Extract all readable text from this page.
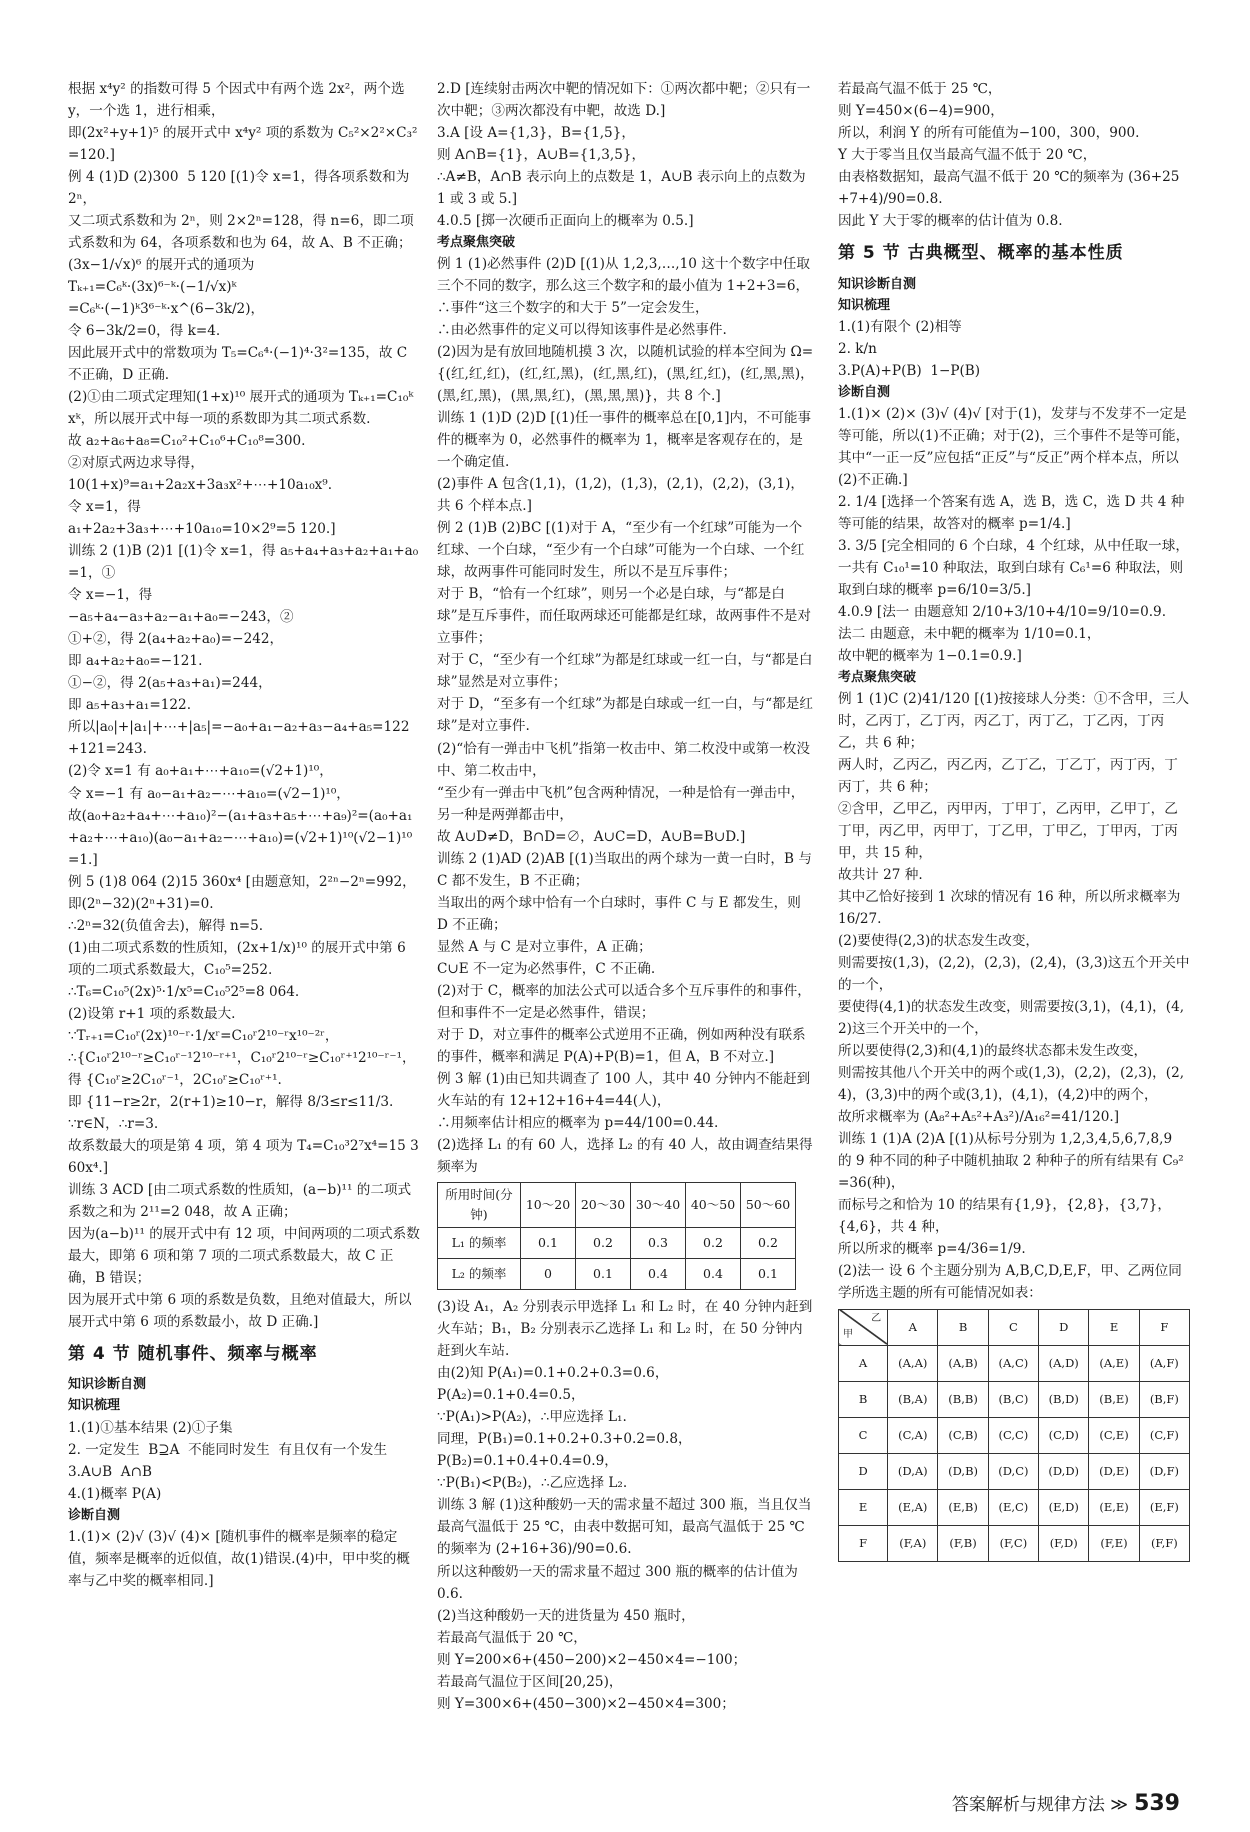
根据 x⁴y² 的指数可得 5 个因式中有两个选 2x²，两个选 y，一个选 1，进行相乘，

即(2x²+y+1)⁵ 的展开式中 x⁴y² 项的系数为 C₅²×2²×C₃²=120.]

例 4 (1)D (2)300  5 120 [(1)令 x=1，得各项系数和为 2ⁿ，

又二项式系数和为 2ⁿ，则 2×2ⁿ=128，得 n=6，即二项式系数和为 64，各项系数和也为 64，故 A、B 不正确；

(3x−1/√x)⁶ 的展开式的通项为

Tₖ₊₁=C₆ᵏ·(3x)⁶⁻ᵏ·(−1/√x)ᵏ

=C₆ᵏ·(−1)ᵏ3⁶⁻ᵏ·x^(6−3k/2)，

令 6−3k/2=0，得 k=4.

因此展开式中的常数项为 T₅=C₆⁴·(−1)⁴·3²=135，故 C 不正确，D 正确.

(2)①由二项式定理知(1+x)¹⁰ 展开式的通项为 Tₖ₊₁=C₁₀ᵏxᵏ，所以展开式中每一项的系数即为其二项式系数.

故 a₂+a₆+a₈=C₁₀²+C₁₀⁶+C₁₀⁸=300.

②对原式两边求导得，

10(1+x)⁹=a₁+2a₂x+3a₃x²+⋯+10a₁₀x⁹.

令 x=1，得

a₁+2a₂+3a₃+⋯+10a₁₀=10×2⁹=5 120.]

训练 2 (1)B (2)1 [(1)令 x=1，得 a₅+a₄+a₃+a₂+a₁+a₀=1，①

令 x=−1，得

−a₅+a₄−a₃+a₂−a₁+a₀=−243，②

①+②，得 2(a₄+a₂+a₀)=−242，

即 a₄+a₂+a₀=−121.

①−②，得 2(a₅+a₃+a₁)=244，

即 a₅+a₃+a₁=122.

所以|a₀|+|a₁|+⋯+|a₅|=−a₀+a₁−a₂+a₃−a₄+a₅=122+121=243.

(2)令 x=1 有 a₀+a₁+⋯+a₁₀=(√2+1)¹⁰，

令 x=−1 有 a₀−a₁+a₂−⋯+a₁₀=(√2−1)¹⁰，

故(a₀+a₂+a₄+⋯+a₁₀)²−(a₁+a₃+a₅+⋯+a₉)²=(a₀+a₁+a₂+⋯+a₁₀)(a₀−a₁+a₂−⋯+a₁₀)=(√2+1)¹⁰(√2−1)¹⁰=1.]

例 5 (1)8 064 (2)15 360x⁴ [由题意知，2²ⁿ−2ⁿ=992，即(2ⁿ−32)(2ⁿ+31)=0.

∴2ⁿ=32(负值舍去)，解得 n=5.

(1)由二项式系数的性质知，(2x+1/x)¹⁰ 的展开式中第 6 项的二项式系数最大，C₁₀⁵=252.

∴T₆=C₁₀⁵(2x)⁵·1/x⁵=C₁₀⁵2⁵=8 064.

(2)设第 r+1 项的系数最大.

∵Tᵣ₊₁=C₁₀ʳ(2x)¹⁰⁻ʳ·1/xʳ=C₁₀ʳ2¹⁰⁻ʳx¹⁰⁻²ʳ，

∴{C₁₀ʳ2¹⁰⁻ʳ≥C₁₀ʳ⁻¹2¹⁰⁻ʳ⁺¹，C₁₀ʳ2¹⁰⁻ʳ≥C₁₀ʳ⁺¹2¹⁰⁻ʳ⁻¹，得 {C₁₀ʳ≥2C₁₀ʳ⁻¹，2C₁₀ʳ≥C₁₀ʳ⁺¹.

即 {11−r≥2r，2(r+1)≥10−r，解得 8/3≤r≤11/3.

∵r∈N，∴r=3.

故系数最大的项是第 4 项，第 4 项为 T₄=C₁₀³2⁷x⁴=15 360x⁴.]

训练 3 ACD [由二项式系数的性质知，(a−b)¹¹ 的二项式系数之和为 2¹¹=2 048，故 A 正确；

因为(a−b)¹¹ 的展开式中有 12 项，中间两项的二项式系数最大，即第 6 项和第 7 项的二项式系数最大，故 C 正确，B 错误；

因为展开式中第 6 项的系数是负数，且绝对值最大，所以展开式中第 6 项的系数最小，故 D 正确.]

第 4 节 随机事件、频率与概率

知识诊断自测

知识梳理

1.(1)①基本结果 (2)①子集

2. 一定发生  B⊇A  不能同时发生  有且仅有一个发生

3.A∪B  A∩B

4.(1)概率 P(A)

诊断自测

1.(1)× (2)√ (3)√ (4)× [随机事件的概率是频率的稳定值，频率是概率的近似值，故(1)错误.(4)中，甲中奖的概率与乙中奖的概率相同.]

2.D [连续射击两次中靶的情况如下：①两次都中靶；②只有一次中靶；③两次都没有中靶，故选 D.]

3.A [设 A={1,3}，B={1,5}，

则 A∩B={1}，A∪B={1,3,5}，

∴A≠B，A∩B 表示向上的点数是 1，A∪B 表示向上的点数为 1 或 3 或 5.]

4.0.5 [掷一次硬币正面向上的概率为 0.5.]

考点聚焦突破

例 1 (1)必然事件 (2)D [(1)从 1,2,3,…,10 这十个数字中任取三个不同的数字，那么这三个数字和的最小值为 1+2+3=6，

∴事件“这三个数字的和大于 5”一定会发生，

∴由必然事件的定义可以得知该事件是必然事件.

(2)因为是有放回地随机摸 3 次，以随机试验的样本空间为 Ω={(红,红,红)，(红,红,黑)，(红,黑,红)，(黑,红,红)，(红,黑,黑)，(黑,红,黑)，(黑,黑,红)，(黑,黑,黑)}，共 8 个.]

训练 1 (1)D (2)D [(1)任一事件的概率总在[0,1]内，不可能事件的概率为 0，必然事件的概率为 1，概率是客观存在的，是一个确定值.

(2)事件 A 包含(1,1)，(1,2)，(1,3)，(2,1)，(2,2)，(3,1)，共 6 个样本点.]

例 2 (1)B (2)BC [(1)对于 A，“至少有一个红球”可能为一个红球、一个白球，“至少有一个白球”可能为一个白球、一个红球，故两事件可能同时发生，所以不是互斥事件；

对于 B，“恰有一个红球”，则另一个必是白球，与“都是白球”是互斥事件，而任取两球还可能都是红球，故两事件不是对立事件；

对于 C，“至少有一个红球”为都是红球或一红一白，与“都是白球”显然是对立事件；

对于 D，“至多有一个红球”为都是白球或一红一白，与“都是红球”是对立事件.

(2)“恰有一弹击中飞机”指第一枚击中、第二枚没中或第一枚没中、第二枚击中，

“至少有一弹击中飞机”包含两种情况，一种是恰有一弹击中，另一种是两弹都击中，

故 A∪D≠D，B∩D=∅，A∪C=D，A∪B=B∪D.]

训练 2 (1)AD (2)AB [(1)当取出的两个球为一黄一白时，B 与 C 都不发生，B 不正确；

当取出的两个球中恰有一个白球时，事件 C 与 E 都发生，则 D 不正确；

显然 A 与 C 是对立事件，A 正确；

C∪E 不一定为必然事件，C 不正确.

(2)对于 C，概率的加法公式可以适合多个互斥事件的和事件，但和事件不一定是必然事件，错误；

对于 D，对立事件的概率公式逆用不正确，例如两种没有联系的事件，概率和满足 P(A)+P(B)=1，但 A，B 不对立.]

例 3 解 (1)由已知共调查了 100 人，其中 40 分钟内不能赶到火车站的有 12+12+16+4=44(人)，

∴用频率估计相应的概率为 p=44/100=0.44.

(2)选择 L₁ 的有 60 人，选择 L₂ 的有 40 人，故由调查结果得频率为

所用时间(分钟)	10～20	20～30	30～40	40～50	50～60
L₁ 的频率	0.1	0.2	0.3	0.2	0.2
L₂ 的频率	0	0.1	0.4	0.4	0.1

(3)设 A₁，A₂ 分别表示甲选择 L₁ 和 L₂ 时，在 40 分钟内赶到火车站；B₁，B₂ 分别表示乙选择 L₁ 和 L₂ 时，在 50 分钟内赶到火车站.

由(2)知 P(A₁)=0.1+0.2+0.3=0.6，

P(A₂)=0.1+0.4=0.5，

∵P(A₁)>P(A₂)，∴甲应选择 L₁.

同理，P(B₁)=0.1+0.2+0.3+0.2=0.8，

P(B₂)=0.1+0.4+0.4=0.9，

∵P(B₁)<P(B₂)，∴乙应选择 L₂.

训练 3 解 (1)这种酸奶一天的需求量不超过 300 瓶，当且仅当最高气温低于 25 ℃，由表中数据可知，最高气温低于 25 ℃的频率为 (2+16+36)/90=0.6.

所以这种酸奶一天的需求量不超过 300 瓶的概率的估计值为 0.6.

(2)当这种酸奶一天的进货量为 450 瓶时，

若最高气温低于 20 ℃，

则 Y=200×6+(450−200)×2−450×4=−100；

若最高气温位于区间[20,25)，

则 Y=300×6+(450−300)×2−450×4=300；

若最高气温不低于 25 ℃，

则 Y=450×(6−4)=900，

所以，利润 Y 的所有可能值为−100，300，900.

Y 大于零当且仅当最高气温不低于 20 ℃，

由表格数据知，最高气温不低于 20 ℃的频率为 (36+25+7+4)/90=0.8.

因此 Y 大于零的概率的估计值为 0.8.

第 5 节 古典概型、概率的基本性质

知识诊断自测

知识梳理

1.(1)有限个 (2)相等

2. k/n

3.P(A)+P(B)  1−P(B)

诊断自测

1.(1)× (2)× (3)√ (4)√ [对于(1)，发芽与不发芽不一定是等可能，所以(1)不正确；对于(2)，三个事件不是等可能，其中“一正一反”应包括“正反”与“反正”两个样本点，所以(2)不正确.]

2. 1/4 [选择一个答案有选 A，选 B，选 C，选 D 共 4 种等可能的结果，故答对的概率 p=1/4.]

3. 3/5 [完全相同的 6 个白球，4 个红球，从中任取一球，一共有 C₁₀¹=10 种取法，取到白球有 C₆¹=6 种取法，则取到白球的概率 p=6/10=3/5.]

4.0.9 [法一 由题意知 2/10+3/10+4/10=9/10=0.9.

法二 由题意，未中靶的概率为 1/10=0.1，

故中靶的概率为 1−0.1=0.9.]

考点聚焦突破

例 1 (1)C (2)41/120 [(1)按接球人分类：①不含甲，三人时，乙丙丁，乙丁丙，丙乙丁，丙丁乙，丁乙丙，丁丙乙，共 6 种；

两人时，乙丙乙，丙乙丙，乙丁乙，丁乙丁，丙丁丙，丁丙丁，共 6 种；

②含甲，乙甲乙，丙甲丙，丁甲丁，乙丙甲，乙甲丁，乙丁甲，丙乙甲，丙甲丁，丁乙甲，丁甲乙，丁甲丙，丁丙甲，共 15 种，

故共计 27 种.

其中乙恰好接到 1 次球的情况有 16 种，所以所求概率为 16/27.

(2)要使得(2,3)的状态发生改变，

则需要按(1,3)，(2,2)，(2,3)，(2,4)，(3,3)这五个开关中的一个，

要使得(4,1)的状态发生改变，则需要按(3,1)，(4,1)，(4,2)这三个开关中的一个，

所以要使得(2,3)和(4,1)的最终状态都未发生改变，

则需按其他八个开关中的两个或(1,3)，(2,2)，(2,3)，(2,4)，(3,3)中的两个或(3,1)，(4,1)，(4,2)中的两个，

故所求概率为 (A₈²+A₅²+A₃²)/A₁₆²=41/120.]

训练 1 (1)A (2)A [(1)从标号分别为 1,2,3,4,5,6,7,8,9 的 9 种不同的种子中随机抽取 2 种种子的所有结果有 C₉²=36(种)，

而标号之和恰为 10 的结果有{1,9}，{2,8}，{3,7}，{4,6}，共 4 种，

所以所求的概率 p=4/36=1/9.

(2)法一 设 6 个主题分别为 A,B,C,D,E,F，甲、乙两位同学所选主题的所有可能情况如表：

乙
甲	A	B	C	D	E	F
A	(A,A)	(A,B)	(A,C)	(A,D)	(A,E)	(A,F)
B	(B,A)	(B,B)	(B,C)	(B,D)	(B,E)	(B,F)
C	(C,A)	(C,B)	(C,C)	(C,D)	(C,E)	(C,F)
D	(D,A)	(D,B)	(D,C)	(D,D)	(D,E)	(D,F)
E	(E,A)	(E,B)	(E,C)	(E,D)	(E,E)	(E,F)
F	(F,A)	(F,B)	(F,C)	(F,D)	(F,E)	(F,F)
答案解析与规律方法 ≫ 539
